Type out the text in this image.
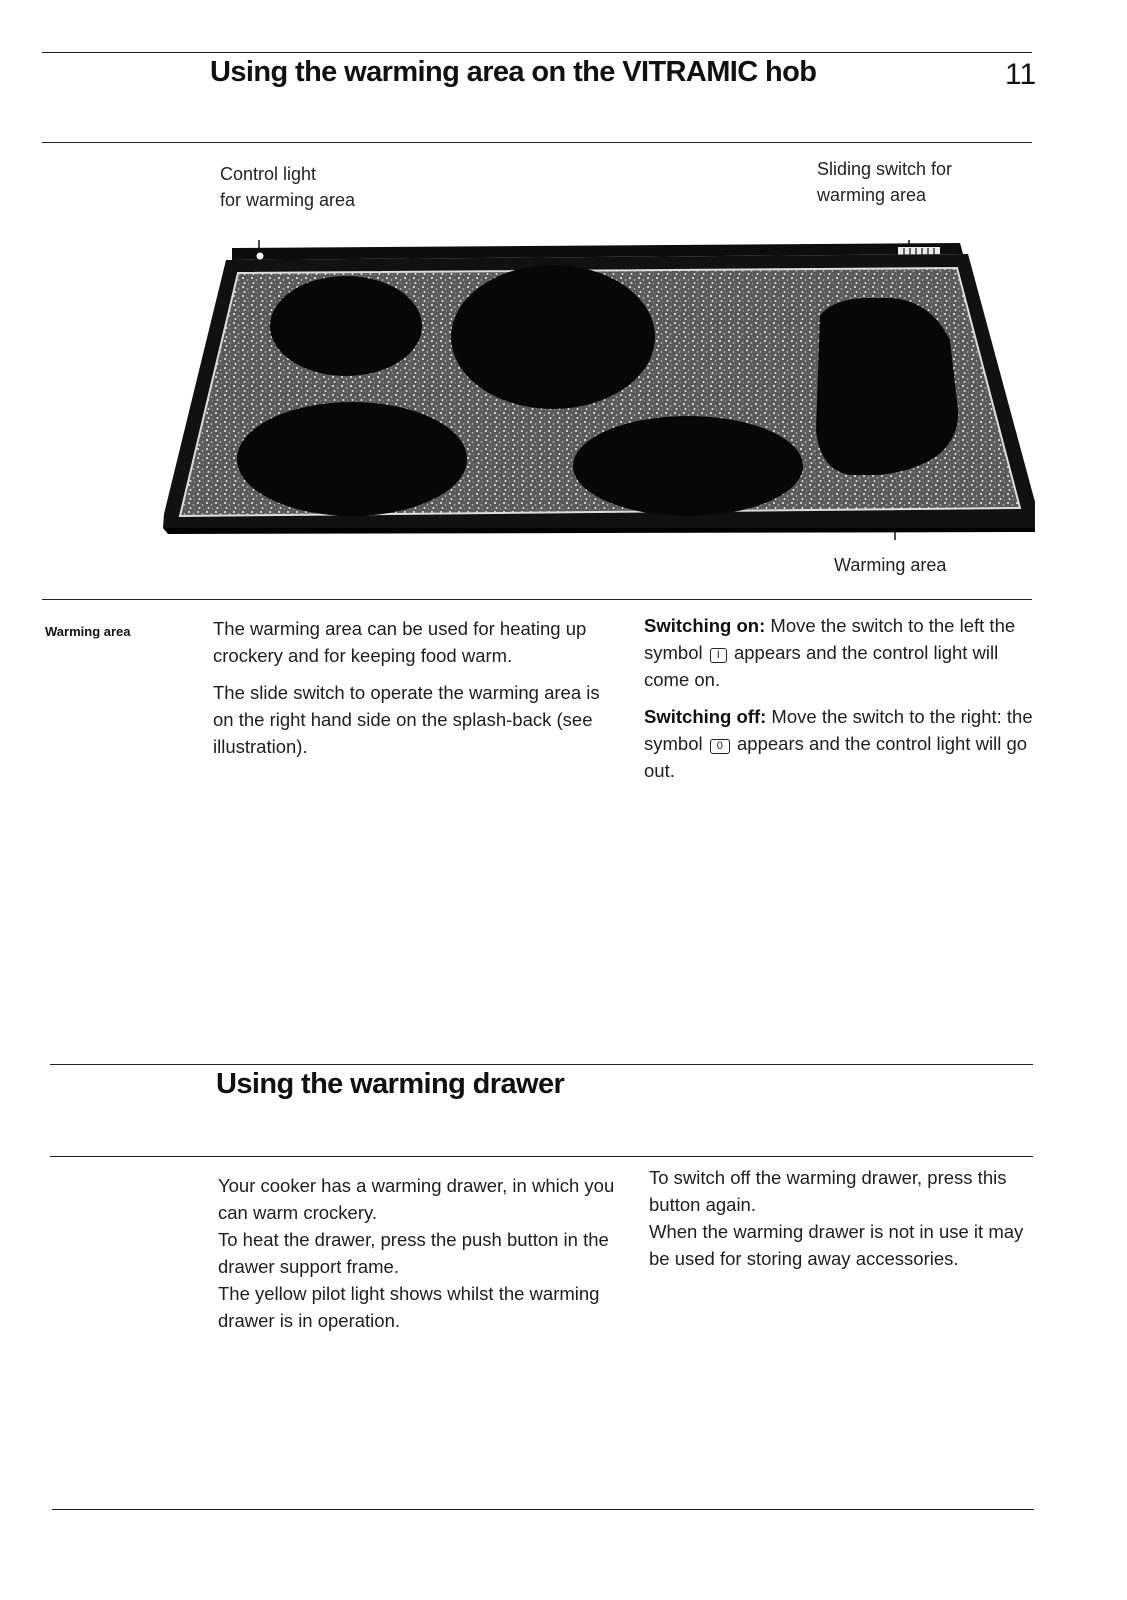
Using the warming area on the VITRAMIC hob	11
Control light
for warming area
Sliding switch for
warming area
Warming area
Warming area	The warming area can be used for heating up crockery and for keeping food warm.

The slide switch to operate the warming area is on the right hand side on the splash-back (see illustration).

Switching on: Move the switch to the left the symbol I appears and the control light will come on.

Switching off: Move the switch to the right: the symbol 0 appears and the control light will go out.

Using the warming drawer
Your cooker has a warming drawer, in which you can warm crockery.
To heat the drawer, press the push button in the drawer support frame.
The yellow pilot light shows whilst the warming drawer is in operation.
To switch off the warming drawer, press this button again.
When the warming drawer is not in use it may be used for storing away accessories.
